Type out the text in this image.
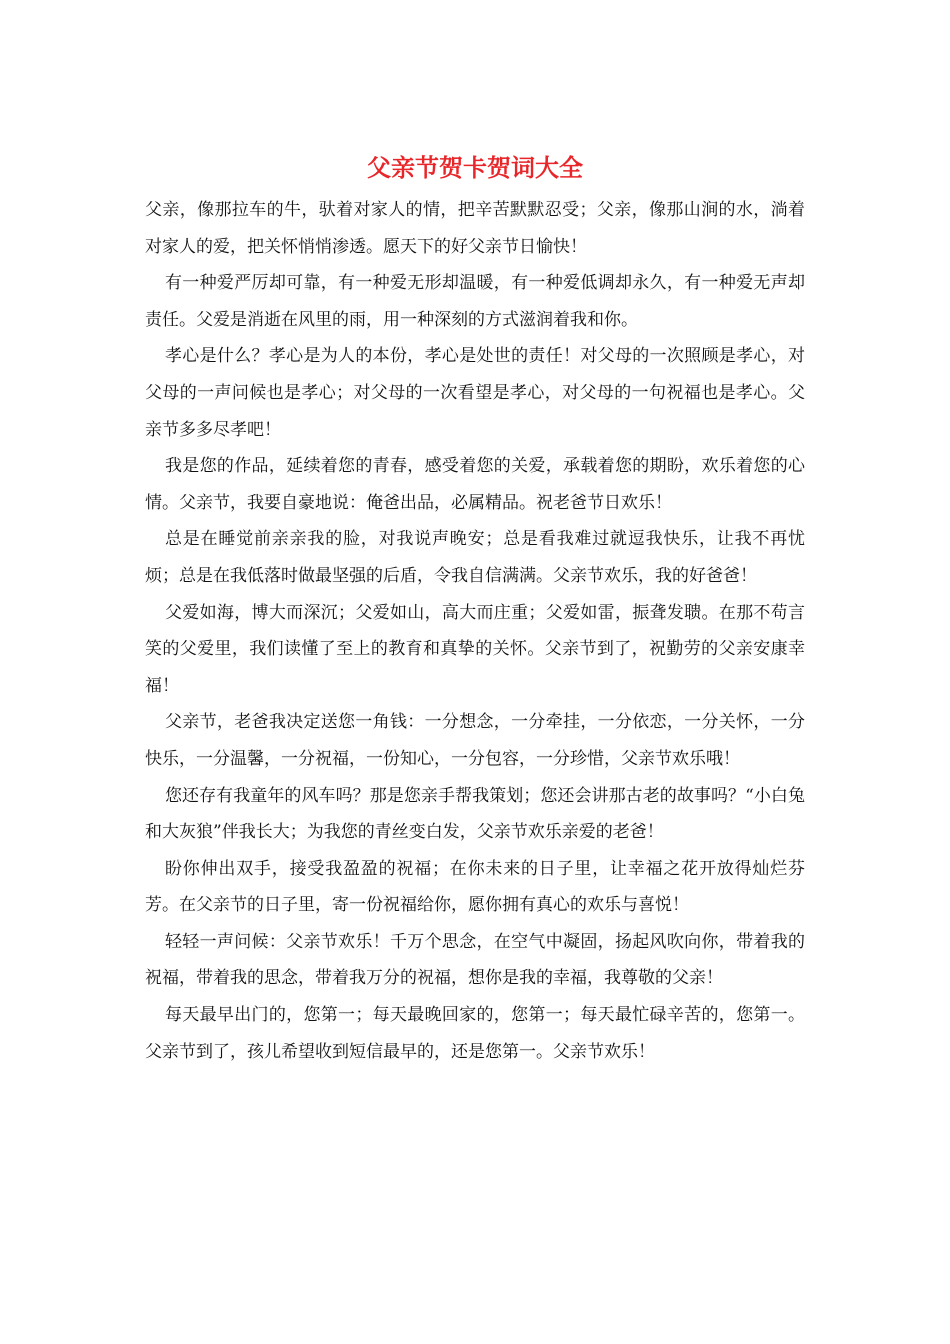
父亲节贺卡贺词大全

父亲，像那拉车的牛，驮着对家人的情，把辛苦默默忍受；父亲，像那山涧的水，淌着对家人的爱，把关怀悄悄渗透。愿天下的好父亲节日愉快！

有一种爱严厉却可靠，有一种爱无形却温暖，有一种爱低调却永久，有一种爱无声却责任。父爱是消逝在风里的雨，用一种深刻的方式滋润着我和你。

孝心是什么？孝心是为人的本份，孝心是处世的责任！对父母的一次照顾是孝心，对父母的一声问候也是孝心；对父母的一次看望是孝心，对父母的一句祝福也是孝心。父亲节多多尽孝吧！

我是您的作品，延续着您的青春，感受着您的关爱，承载着您的期盼，欢乐着您的心情。父亲节，我要自豪地说：俺爸出品，必属精品。祝老爸节日欢乐！

总是在睡觉前亲亲我的脸，对我说声晚安；总是看我难过就逗我快乐，让我不再忧烦；总是在我低落时做最坚强的后盾，令我自信满满。父亲节欢乐，我的好爸爸！

父爱如海，博大而深沉；父爱如山，高大而庄重；父爱如雷，振聋发聩。在那不苟言笑的父爱里，我们读懂了至上的教育和真挚的关怀。父亲节到了，祝勤劳的父亲安康幸福！

父亲节，老爸我决定送您一角钱：一分想念，一分牵挂，一分依恋，一分关怀，一分快乐，一分温馨，一分祝福，一份知心，一分包容，一分珍惜，父亲节欢乐哦！

您还存有我童年的风车吗？那是您亲手帮我策划；您还会讲那古老的故事吗？“小白兔和大灰狼”伴我长大；为我您的青丝变白发，父亲节欢乐亲爱的老爸！

盼你伸出双手，接受我盈盈的祝福；在你未来的日子里，让幸福之花开放得灿烂芬芳。在父亲节的日子里，寄一份祝福给你，愿你拥有真心的欢乐与喜悦！

轻轻一声问候：父亲节欢乐！千万个思念，在空气中凝固，扬起风吹向你，带着我的祝福，带着我的思念，带着我万分的祝福，想你是我的幸福，我尊敬的父亲！

每天最早出门的，您第一；每天最晚回家的，您第一；每天最忙碌辛苦的，您第一。父亲节到了，孩儿希望收到短信最早的，还是您第一。父亲节欢乐！
